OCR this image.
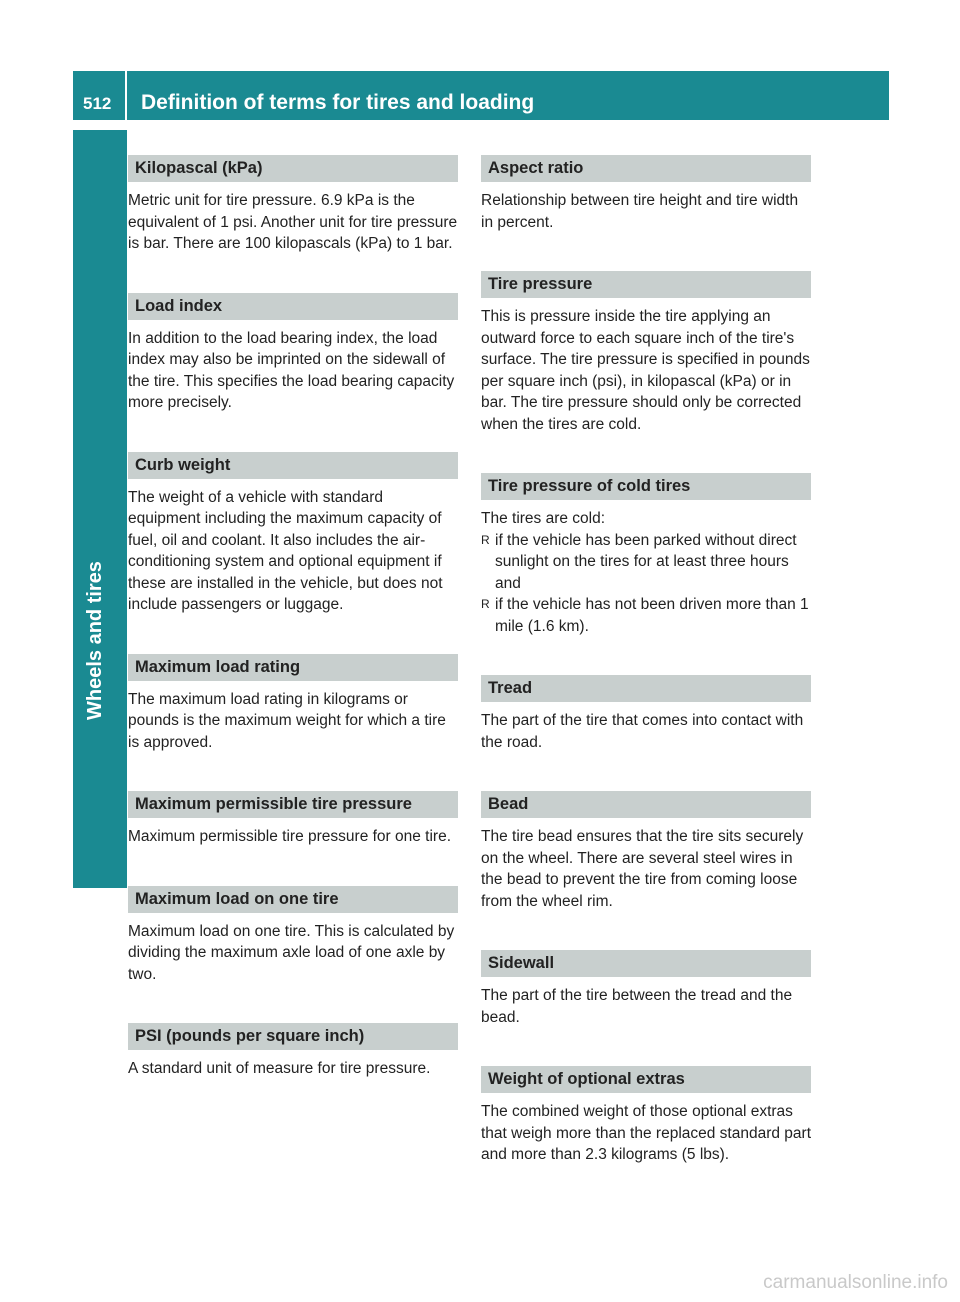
512	Definition of terms for tires and loading
Wheels and tires
Kilopascal (kPa)

Metric unit for tire pressure. 6.9 kPa is the equivalent of 1 psi. Another unit for tire pressure is bar. There are 100 kilopascals (kPa) to 1 bar.

Load index

In addition to the load bearing index, the load index may also be imprinted on the sidewall of the tire. This specifies the load bearing capacity more precisely.

Curb weight

The weight of a vehicle with standard equipment including the maximum capacity of fuel, oil and coolant. It also includes the air-conditioning system and optional equipment if these are installed in the vehicle, but does not include passengers or luggage.

Maximum load rating

The maximum load rating in kilograms or pounds is the maximum weight for which a tire is approved.

Maximum permissible tire pressure

Maximum permissible tire pressure for one tire.

Maximum load on one tire

Maximum load on one tire. This is calculated by dividing the maximum axle load of one axle by two.

PSI (pounds per square inch)

A standard unit of measure for tire pressure.

Aspect ratio

Relationship between tire height and tire width in percent.

Tire pressure

This is pressure inside the tire applying an outward force to each square inch of the tire's surface. The tire pressure is specified in pounds per square inch (psi), in kilopascal (kPa) or in bar. The tire pressure should only be corrected when the tires are cold.

Tire pressure of cold tires

The tires are cold:

R if the vehicle has been parked without direct sunlight on the tires for at least three hours and
R if the vehicle has not been driven more than 1 mile (1.6 km).
Tread

The part of the tire that comes into contact with the road.

Bead

The tire bead ensures that the tire sits securely on the wheel. There are several steel wires in the bead to prevent the tire from coming loose from the wheel rim.

Sidewall

The part of the tire between the tread and the bead.

Weight of optional extras

The combined weight of those optional extras that weigh more than the replaced standard part and more than 2.3 kilograms (5 lbs).

carmanualsonline.info
